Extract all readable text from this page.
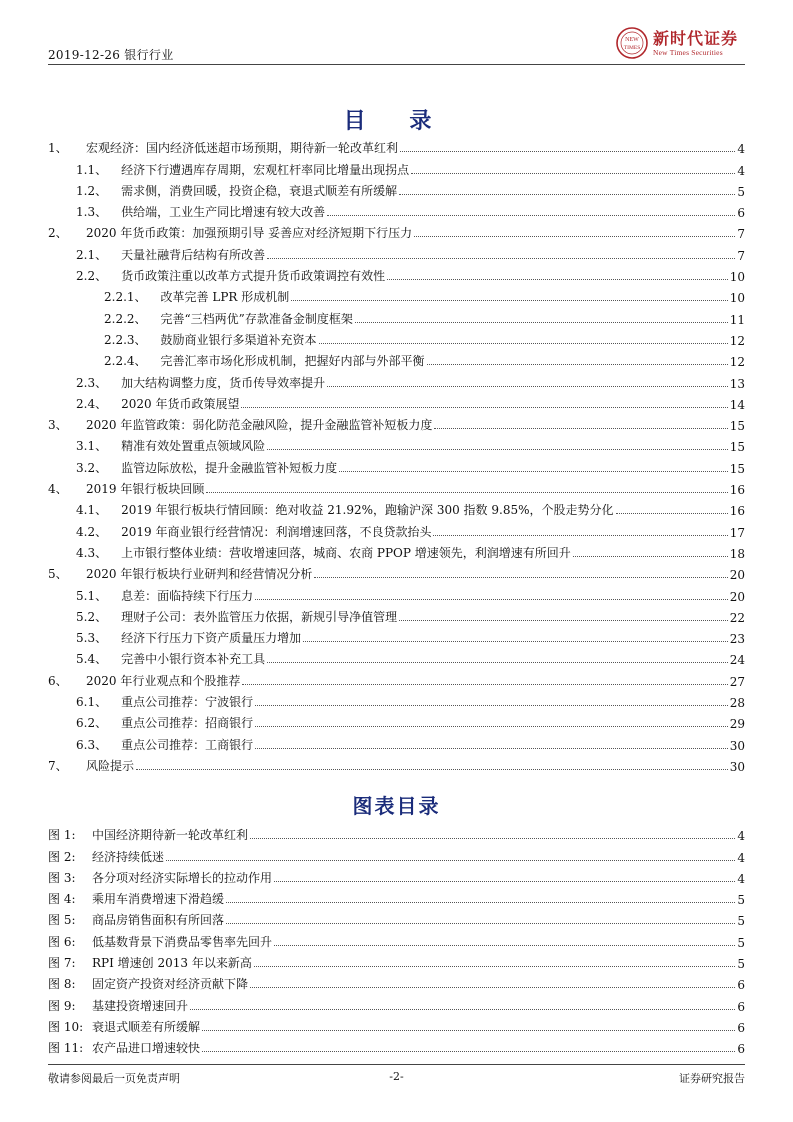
2019-12-26 银行行业
NEW
TIMES 新时代证券
New Times Securities
目 录
1、	宏观经济：国内经济低迷超市场预期，期待新一轮改革红利	4
1.1、 经济下行遭遇库存周期，宏观杠杆率同比增量出现拐点	4
1.2、 需求侧，消费回暖，投资企稳，衰退式顺差有所缓解	5
1.3、 供给端，工业生产同比增速有较大改善	6
2、	2020 年货币政策：加强预期引导 妥善应对经济短期下行压力	7
2.1、 天量社融背后结构有所改善	7
2.2、 货币政策注重以改革方式提升货币政策调控有效性	10
2.2.1、 改革完善 LPR 形成机制	10
2.2.2、 完善“三档两优”存款准备金制度框架	11
2.2.3、 鼓励商业银行多渠道补充资本	12
2.2.4、 完善汇率市场化形成机制，把握好内部与外部平衡	12
2.3、 加大结构调整力度，货币传导效率提升	13
2.4、 2020 年货币政策展望	14
3、	2020 年监管政策：弱化防范金融风险，提升金融监管补短板力度	15
3.1、 精准有效处置重点领域风险	15
3.2、 监管边际放松，提升金融监管补短板力度	15
4、	2019 年银行板块回顾	16
4.1、 2019 年银行板块行情回顾：绝对收益 21.92%，跑输沪深 300 指数 9.85%，个股走势分化	16
4.2、 2019 年商业银行经营情况：利润增速回落，不良贷款抬头	17
4.3、 上市银行整体业绩：营收增速回落，城商、农商 PPOP 增速领先，利润增速有所回升	18
5、	2020 年银行板块行业研判和经营情况分析	20
5.1、 息差：面临持续下行压力	20
5.2、 理财子公司：表外监管压力依据，新规引导净值管理	22
5.3、 经济下行压力下资产质量压力增加	23
5.4、 完善中小银行资本补充工具	24
6、	2020 年行业观点和个股推荐	27
6.1、 重点公司推荐：宁波银行	28
6.2、 重点公司推荐：招商银行	29
6.3、 重点公司推荐：工商银行	30
7、	风险提示	30
图表目录
图 1:	中国经济期待新一轮改革红利	4
图 2:	经济持续低迷	4
图 3:	各分项对经济实际增长的拉动作用	4
图 4:	乘用车消费增速下滑趋缓	5
图 5:	商品房销售面积有所回落	5
图 6:	低基数背景下消费品零售率先回升	5
图 7:	RPI 增速创 2013 年以来新高	5
图 8:	固定资产投资对经济贡献下降	6
图 9:	基建投资增速回升	6
图 10: 衰退式顺差有所缓解	6
图 11: 农产品进口增速较快	6
敬请参阅最后一页免责声明	-2-	证券研究报告
